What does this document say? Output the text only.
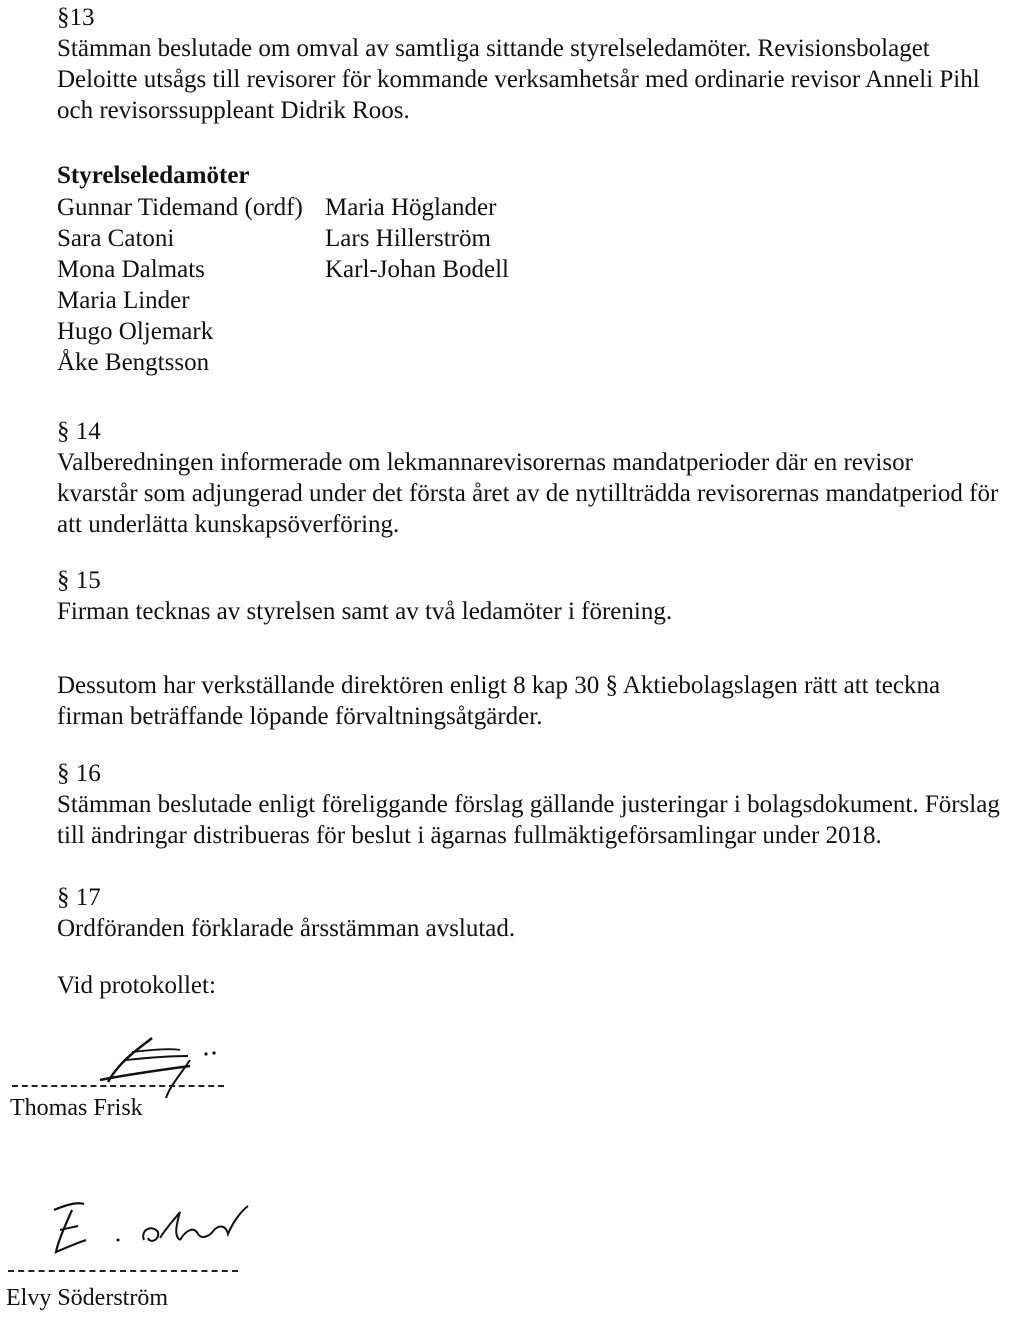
§13
Stämman beslutade om omval av samtliga sittande styrelseledamöter. Revisionsbolaget
Deloitte utsågs till revisorer för kommande verksamhetsår med ordinarie revisor Anneli Pihl
och revisorssuppleant Didrik Roos.
Styrelseledamöter
Gunnar Tidemand (ordf)
Sara Catoni
Mona Dalmats
Maria Linder
Hugo Oljemark
Åke Bengtsson
Maria Höglander
Lars Hillerström
Karl-Johan Bodell
§ 14
Valberedningen informerade om lekmannarevisorernas mandatperioder där en revisor
kvarstår som adjungerad under det första året av de nytillträdda revisorernas mandatperiod för
att underlätta kunskapsöverföring.
§ 15
Firman tecknas av styrelsen samt av två ledamöter i förening.
Dessutom har verkställande direktören enligt 8 kap 30 § Aktiebolagslagen rätt att teckna
firman beträffande löpande förvaltningsåtgärder.
§ 16
Stämman beslutade enligt föreliggande förslag gällande justeringar i bolagsdokument. Förslag
till ändringar distribueras för beslut i ägarnas fullmäktigeförsamlingar under 2018.
§ 17
Ordföranden förklarade årsstämman avslutad.
Vid protokollet:
Thomas Frisk
Elvy Söderström
